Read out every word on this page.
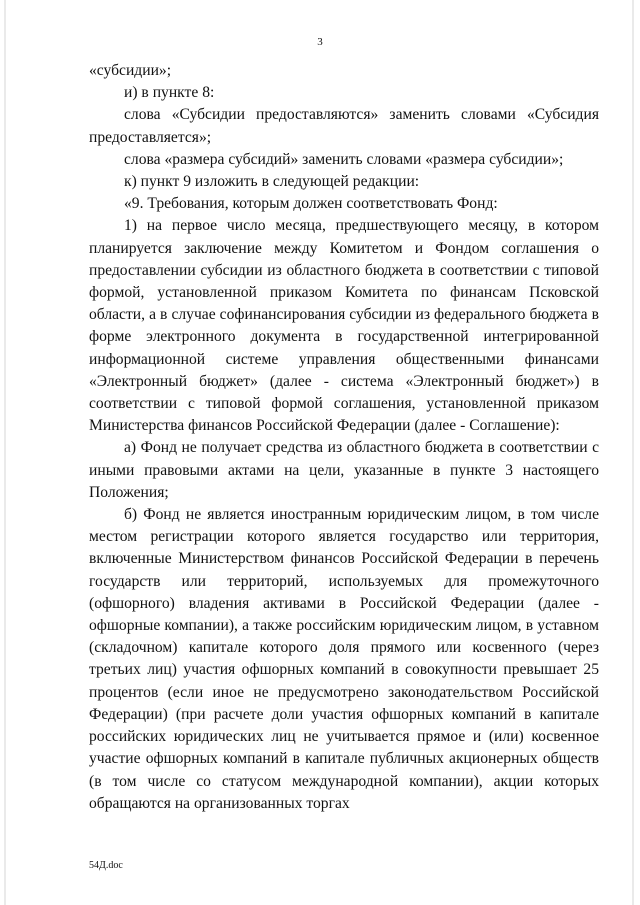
3

«субсидии»;

и) в пункте 8:

слова «Субсидии предоставляются» заменить словами «Субсидия предоставляется»;

слова «размера субсидий» заменить словами «размера субсидии»;

к) пункт 9 изложить в следующей редакции:

«9. Требования, которым должен соответствовать Фонд:

1) на первое число месяца, предшествующего месяцу, в котором планируется заключение между Комитетом и Фондом соглашения о предоставлении субсидии из областного бюджета в соответствии с типовой формой, установленной приказом Комитета по финансам Псковской области, а в случае софинансирования субсидии из федерального бюджета в форме электронного документа в государственной интегрированной информационной системе управления общественными финансами «Электронный бюджет» (далее - система «Электронный бюджет») в соответствии с типовой формой соглашения, установленной приказом Министерства финансов Российской Федерации (далее - Соглашение):

а) Фонд не получает средства из областного бюджета в соответствии с иными правовыми актами на цели, указанные в пункте 3 настоящего Положения;

б) Фонд не является иностранным юридическим лицом, в том числе местом регистрации которого является государство или территория, включенные Министерством финансов Российской Федерации в перечень государств или территорий, используемых для промежуточного (офшорного) владения активами в Российской Федерации (далее - офшорные компании), а также российским юридическим лицом, в уставном (складочном) капитале которого доля прямого или косвенного (через третьих лиц) участия офшорных компаний в совокупности превышает 25 процентов (если иное не предусмотрено законодательством Российской Федерации) (при расчете доли участия офшорных компаний в капитале российских юридических лиц не учитывается прямое и (или) косвенное участие офшорных компаний в капитале публичных акционерных обществ (в том числе со статусом международной компании), акции которых обращаются на организованных торгах

54Д.doc
